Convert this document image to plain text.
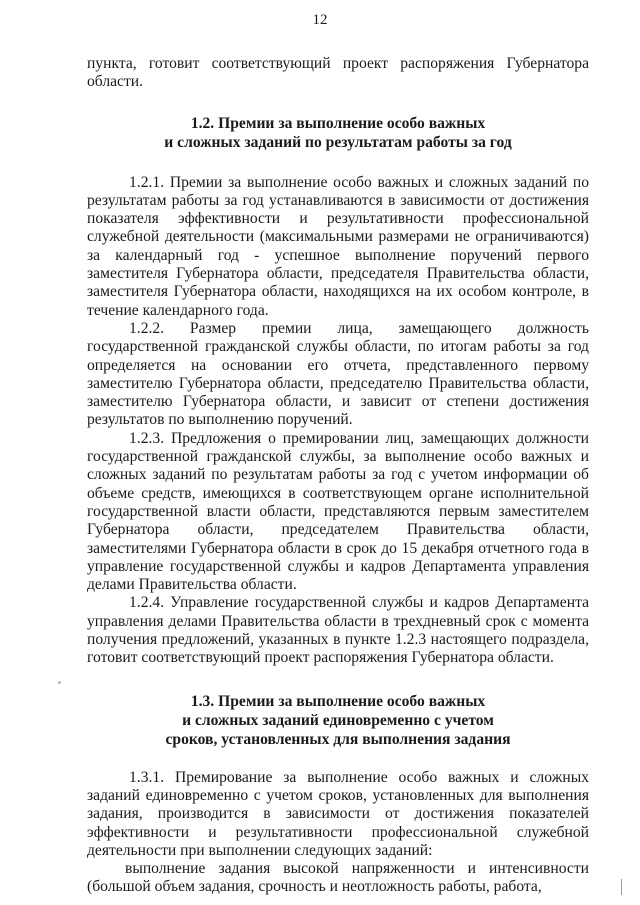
12

пункта, готовит соответствующий проект распоряжения Губернатора области.

1.2. Премии за выполнение особо важных
и сложных заданий по результатам работы за год

1.2.1. Премии за выполнение особо важных и сложных заданий по результатам работы за год устанавливаются в зависимости от достижения показателя эффективности и результативности профессиональной служебной деятельности (максимальными размерами не ограничиваются) за календарный год - успешное выполнение поручений первого заместителя Губернатора области, председателя Правительства области, заместителя Губернатора области, находящихся на их особом контроле, в течение календарного года.

1.2.2. Размер премии лица, замещающего должность государственной гражданской службы области, по итогам работы за год определяется на основании его отчета, представленного первому заместителю Губернатора области, председателю Правительства области, заместителю Губернатора области, и зависит от степени достижения результатов по выполнению поручений.

1.2.3. Предложения о премировании лиц, замещающих должности государственной гражданской службы, за выполнение особо важных и сложных заданий по результатам работы за год с учетом информации об объеме средств, имеющихся в соответствующем органе исполнительной государственной власти области, представляются первым заместителем Губернатора области, председателем Правительства области, заместителями Губернатора области в срок до 15 декабря отчетного года в управление государственной службы и кадров Департамента управления делами Правительства области.

1.2.4. Управление государственной службы и кадров Департамента управления делами Правительства области в трехдневный срок с момента получения предложений, указанных в пункте 1.2.3 настоящего подраздела, готовит соответствующий проект распоряжения Губернатора области.

1.3. Премии за выполнение особо важных
и сложных заданий единовременно с учетом
сроков, установленных для выполнения задания

1.3.1. Премирование за выполнение особо важных и сложных заданий единовременно с учетом сроков, установленных для выполнения задания, производится в зависимости от достижения показателей эффективности и результативности профессиональной служебной деятельности при выполнении следующих заданий:

выполнение задания высокой напряженности и интенсивности (большой объем задания, срочность и неотложность работы, работа,
